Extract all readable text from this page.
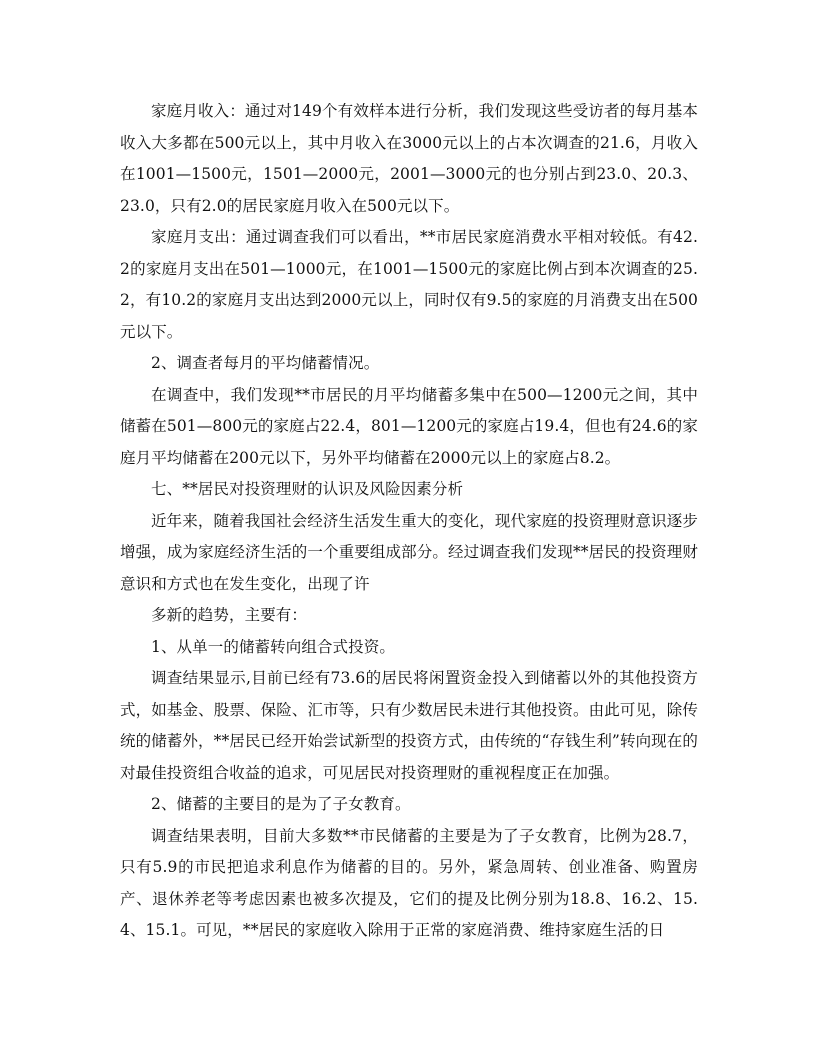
家庭月收入：通过对149个有效样本进行分析，我们发现这些受访者的每月基本收入大多都在500元以上，其中月收入在3000元以上的占本次调查的21.6，月收入在1001—1500元，1501—2000元，2001—3000元的也分别占到23.0、20.3、23.0，只有2.0的居民家庭月收入在500元以下。

家庭月支出：通过调查我们可以看出，**市居民家庭消费水平相对较低。有42.2的家庭月支出在501—1000元，在1001—1500元的家庭比例占到本次调查的25.2，有10.2的家庭月支出达到2000元以上，同时仅有9.5的家庭的月消费支出在500元以下。

2、调查者每月的平均储蓄情况。

在调查中，我们发现**市居民的月平均储蓄多集中在500—1200元之间，其中储蓄在501—800元的家庭占22.4，801—1200元的家庭占19.4，但也有24.6的家庭月平均储蓄在200元以下，另外平均储蓄在2000元以上的家庭占8.2。

七、**居民对投资理财的认识及风险因素分析

近年来，随着我国社会经济生活发生重大的变化，现代家庭的投资理财意识逐步增强，成为家庭经济生活的一个重要组成部分。经过调查我们发现**居民的投资理财意识和方式也在发生变化，出现了许

多新的趋势，主要有：

1、从单一的储蓄转向组合式投资。

调查结果显示,目前已经有73.6的居民将闲置资金投入到储蓄以外的其他投资方式，如基金、股票、保险、汇市等，只有少数居民未进行其他投资。由此可见，除传统的储蓄外，**居民已经开始尝试新型的投资方式，由传统的“存钱生利”转向现在的对最佳投资组合收益的追求，可见居民对投资理财的重视程度正在加强。

2、储蓄的主要目的是为了子女教育。

调查结果表明，目前大多数**市民储蓄的主要是为了子女教育，比例为28.7，只有5.9的市民把追求利息作为储蓄的目的。另外，紧急周转、创业准备、购置房产、退休养老等考虑因素也被多次提及，它们的提及比例分别为18.8、16.2、15.4、15.1。可见，**居民的家庭收入除用于正常的家庭消费、维持家庭生活的日
